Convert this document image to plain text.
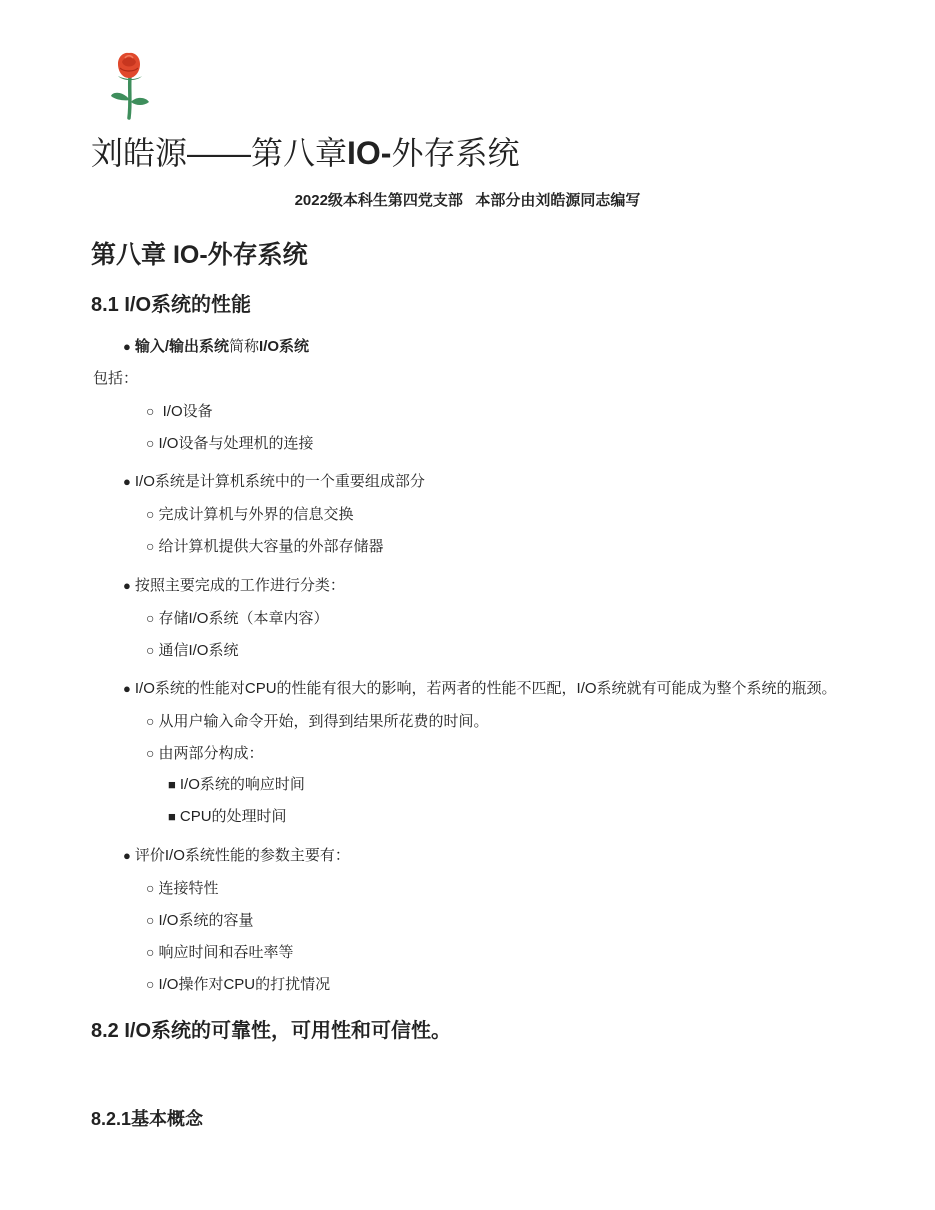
刘皓源——第八章IO-外存系统
2022级本科生第四党支部   本部分由刘皓源同志编写
第八章 IO-外存系统
8.1 I/O系统的性能
● 输入/输出系统简称I/O系统
包括：
○ I/O设备
○ I/O设备与处理机的连接
● I/O系统是计算机系统中的一个重要组成部分
○ 完成计算机与外界的信息交换
○ 给计算机提供大容量的外部存储器
● 按照主要完成的工作进行分类：
○ 存储I/O系统（本章内容）
○ 通信I/O系统
● I/O系统的性能对CPU的性能有很大的影响，若两者的性能不匹配，I/O系统就有可能成为整个系统的瓶颈。
○ 从用户输入命令开始，到得到结果所花费的时间。
○ 由两部分构成：
■ I/O系统的响应时间
■ CPU的处理时间
● 评价I/O系统性能的参数主要有：
○ 连接特性
○ I/O系统的容量
○ 响应时间和吞吐率等
○ I/O操作对CPU的打扰情况
8.2 I/O系统的可靠性，可用性和可信性。
8.2.1基本概念
